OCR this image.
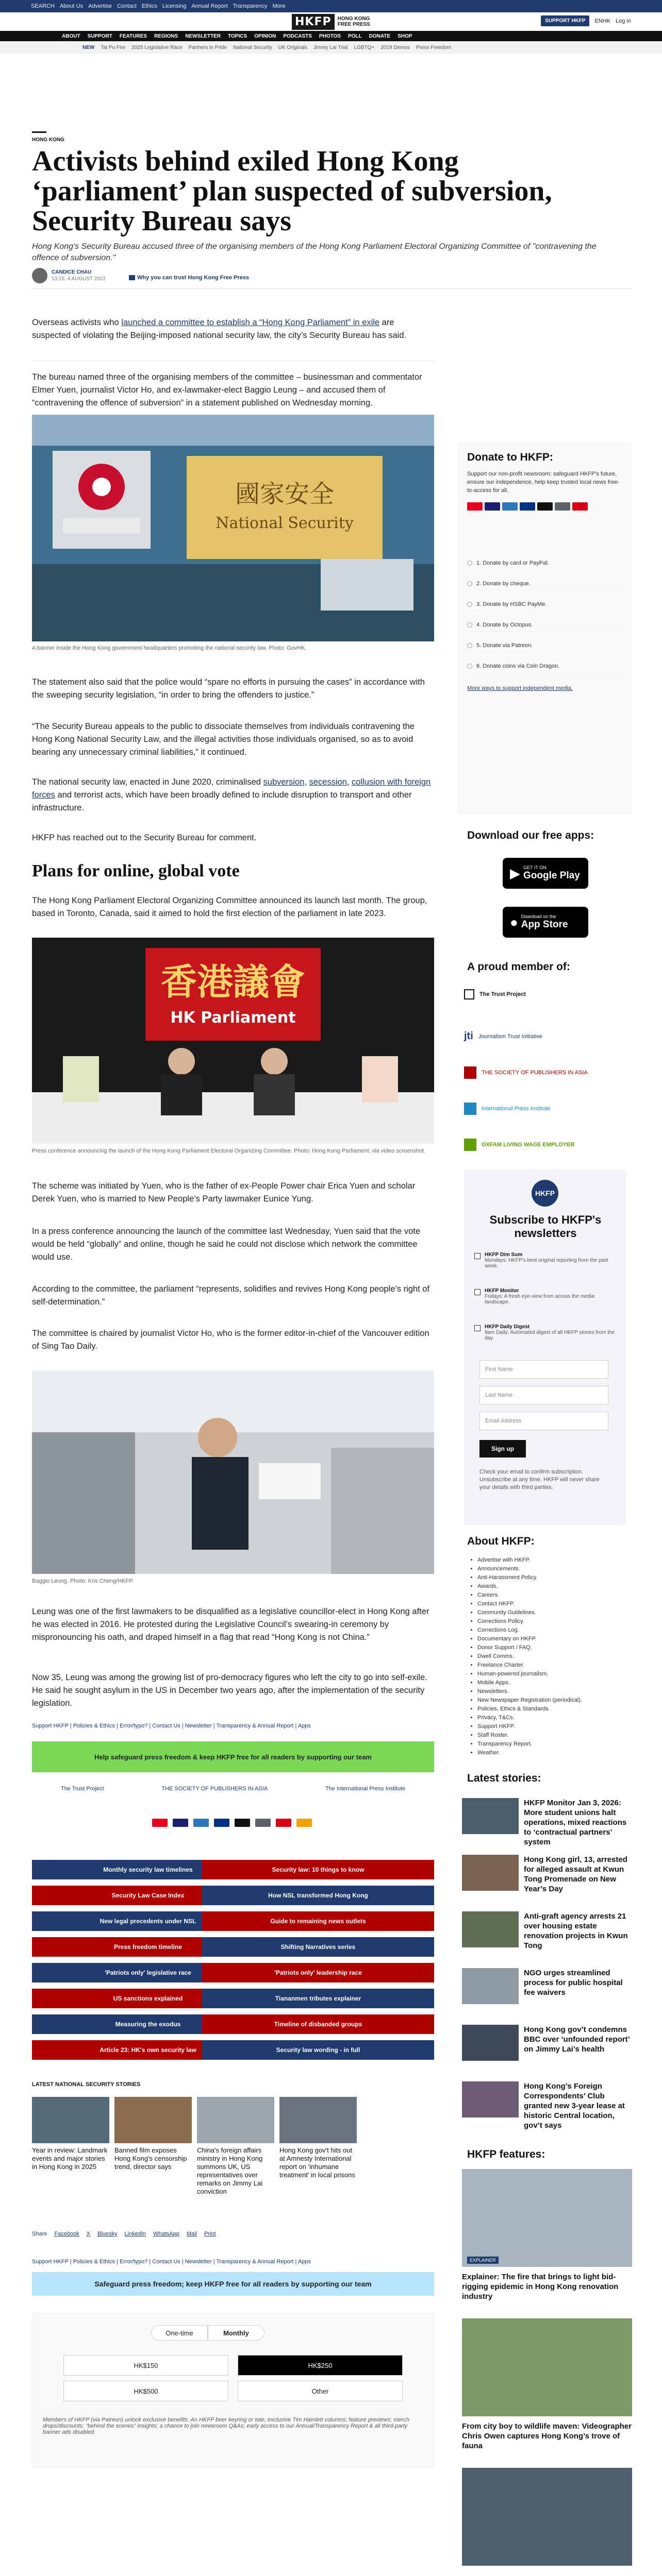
SEARCH About Us Advertise Contact Ethics Licensing Annual Report Transparency More
HKFP	HONG KONG
FREE PRESS
SUPPORT HKFP	ENHK Log in
ABOUT SUPPORT FEATURES REGIONS NEWSLETTER TOPICS OPINION PODCASTS PHOTOS POLL DONATE SHOP
NEW Tai Po Fire 2025 Legislative Race Partners in Pride National Security UK Originals Jimmy Lai Trial LGBTQ+ 2019 Demos Press Freedom
HONG KONG
Activists behind exiled Hong Kong ‘parliament’ plan suspected of subversion, Security Bureau says
Hong Kong's Security Bureau accused three of the organising members of the Hong Kong Parliament Electoral Organizing Committee of "contravening the offence of subversion."
CANDICE CHAU
13:15, 4 AUGUST 2022	Why you can trust Hong Kong Free Press

Overseas activists who launched a committee to establish a “Hong Kong Parliament” in exile are suspected of violating the Beijing-imposed national security law, the city’s Security Bureau has said.

The bureau named three of the organising members of the committee – businessman and commentator Elmer Yuen, journalist Victor Ho, and ex-lawmaker-elect Baggio Leung – and accused them of “contravening the offence of subversion” in a statement published on Wednesday morning.

國家安全
National Security
A banner inside the Hong Kong government headquarters promoting the national security law. Photo: GovHK.

The statement also said that the police would “spare no efforts in pursuing the cases” in accordance with the sweeping security legislation, “in order to bring the offenders to justice.”

“The Security Bureau appeals to the public to dissociate themselves from individuals contravening the Hong Kong National Security Law, and the illegal activities those individuals organised, so as to avoid bearing any unnecessary criminal liabilities,” it continued.

The national security law, enacted in June 2020, criminalised subversion, secession, collusion with foreign forces and terrorist acts, which have been broadly defined to include disruption to transport and other infrastructure.

HKFP has reached out to the Security Bureau for comment.

Plans for online, global vote

The Hong Kong Parliament Electoral Organizing Committee announced its launch last month. The group, based in Toronto, Canada, said it aimed to hold the first election of the parliament in late 2023.

香港議會
HK Parliament
Press conference announcing the launch of the Hong Kong Parliament Electoral Organizing Committee. Photo: Hong Kong Parliament, via video screenshot.

The scheme was initiated by Yuen, who is the father of ex-People Power chair Erica Yuen and scholar Derek Yuen, who is married to New People’s Party lawmaker Eunice Yung.

In a press conference announcing the launch of the committee last Wednesday, Yuen said that the vote would be held “globally” and online, though he said he could not disclose which network the committee would use.

According to the committee, the parliament “represents, solidifies and revives Hong Kong people’s right of self-determination.”

The committee is chaired by journalist Victor Ho, who is the former editor-in-chief of the Vancouver edition of Sing Tao Daily.

Baggio Leung. Photo: Kris Cheng/HKFP.

Leung was one of the first lawmakers to be disqualified as a legislative councillor-elect in Hong Kong after he was elected in 2016. He protested during the Legislative Council’s swearing-in ceremony by mispronouncing his oath, and draped himself in a flag that read “Hong Kong is not China.”

Now 35, Leung was among the growing list of pro-democracy figures who left the city to go into self-exile. He said he sought asylum in the US in December two years ago, after the implementation of the security legislation.

Support HKFP | Policies & Ethics | Error/typo? | Contact Us | Newsletter | Transparency & Annual Report | Apps
Help safeguard press freedom & keep HKFP free for all readers by supporting our team
The Trust Project	THE SOCIETY OF PUBLISHERS IN ASIA	The International Press Institute
Monthly security law timelines	Security law: 10 things to know
Security Law Case Index	How NSL transformed Hong Kong
New legal precedents under NSL	Guide to remaining news outlets
Press freedom timeline	Shifting Narratives series
'Patriots only' legislative race	'Patriots only' leadership race
US sanctions explained	Tiananmen tributes explainer
Measuring the exodus	Timeline of disbanded groups
Article 23: HK's own security law	Security law wording - in full
LATEST NATIONAL SECURITY STORIES
Year in review: Landmark events and major stories in Hong Kong in 2025
Banned film exposes Hong Kong's censorship trend, director says
China's foreign affairs ministry in Hong Kong summons UK, US representatives over remarks on Jimmy Lai conviction
Hong Kong gov't hits out at Amnesty International report on 'inhumane treatment' in local prisons
Share Facebook X Bluesky LinkedIn WhatsApp Mail Print
Support HKFP | Policies & Ethics | Error/typo? | Contact Us | Newsletter | Transparency & Annual Report | Apps
Safeguard press freedom; keep HKFP free for all readers by supporting our team
One-time	Monthly
HK$150	HK$250
HK$500	Other
Members of HKFP (via Patreon) unlock exclusive benefits: An HKFP beer keyring or tote; exclusive Tim Hamlett columns; feature previews; merch drops/discounts; "behind the scenes" insights; a chance to join newsroom Q&As; early access to our Annual/Transparency Report & all third-party banner ads disabled.
Donate to HKFP:
Support our non-profit newsroom: safeguard HKFP's future, ensure our independence, help keep trusted local news free-to-access for all.
1. Donate by card or PayPal.
2. Donate by cheque.
3. Donate by HSBC PayMe.
4. Donate by Octopus.
5. Donate via Patreon.
6. Donate coins via Coin Dragon.
More ways to support independent media.
Download our free apps:
▶ GET IT ON
Google Play
● Download on the
App Store
A proud member of:
The Trust Project
jti Journalism Trust Initiative
THE SOCIETY OF PUBLISHERS IN ASIA
International Press Institute
OXFAM LIVING WAGE EMPLOYER
HKFP
Subscribe to HKFP's newsletters
HKFP Dim Sum
Mondays: HKFP's best original reporting from the past week.
HKFP Monitor
Fridays: A fresh eye-view from across the media landscape.
HKFP Daily Digest
9am Daily: Automated digest of all HKFP stories from the day.
First Name
Last Name
Email Address
Sign up
Check your email to confirm subscription. Unsubscribe at any time. HKFP will never share your details with third parties.
About HKFP:
• Advertise with HKFP.
• Announcements.
• Anti-Harassment Policy.
• Awards.
• Careers.
• Contact HKFP.
• Community Guidelines.
• Corrections Policy.
• Corrections Log.
• Documentary on HKFP.
• Donor Support / FAQ.
• Dwell Comms.
• Freelance Charter.
• Human-powered journalism.
• Mobile Apps.
• Newsletters.
• New Newspaper Registration (periodical).
• Policies, Ethics & Standards.
• Privacy, T&Cs.
• Support HKFP.
• Staff Roster.
• Transparency Report.
• Weather.
Latest stories:
HKFP Monitor Jan 3, 2026: More student unions halt operations, mixed reactions to ‘contractual partners’ system
Hong Kong girl, 13, arrested for alleged assault at Kwun Tong Promenade on New Year’s Day
Anti-graft agency arrests 21 over housing estate renovation projects in Kwun Tong
NGO urges streamlined process for public hospital fee waivers
Hong Kong gov’t condemns BBC over ‘unfounded report’ on Jimmy Lai’s health
Hong Kong’s Foreign Correspondents’ Club granted new 3-year lease at historic Central location, gov’t says
HKFP features:
EXPLAINER
Explainer: The fire that brings to light bid-rigging epidemic in Hong Kong renovation industry
From city boy to wildlife maven: Videographer Chris Owen captures Hong Kong’s trove of fauna
